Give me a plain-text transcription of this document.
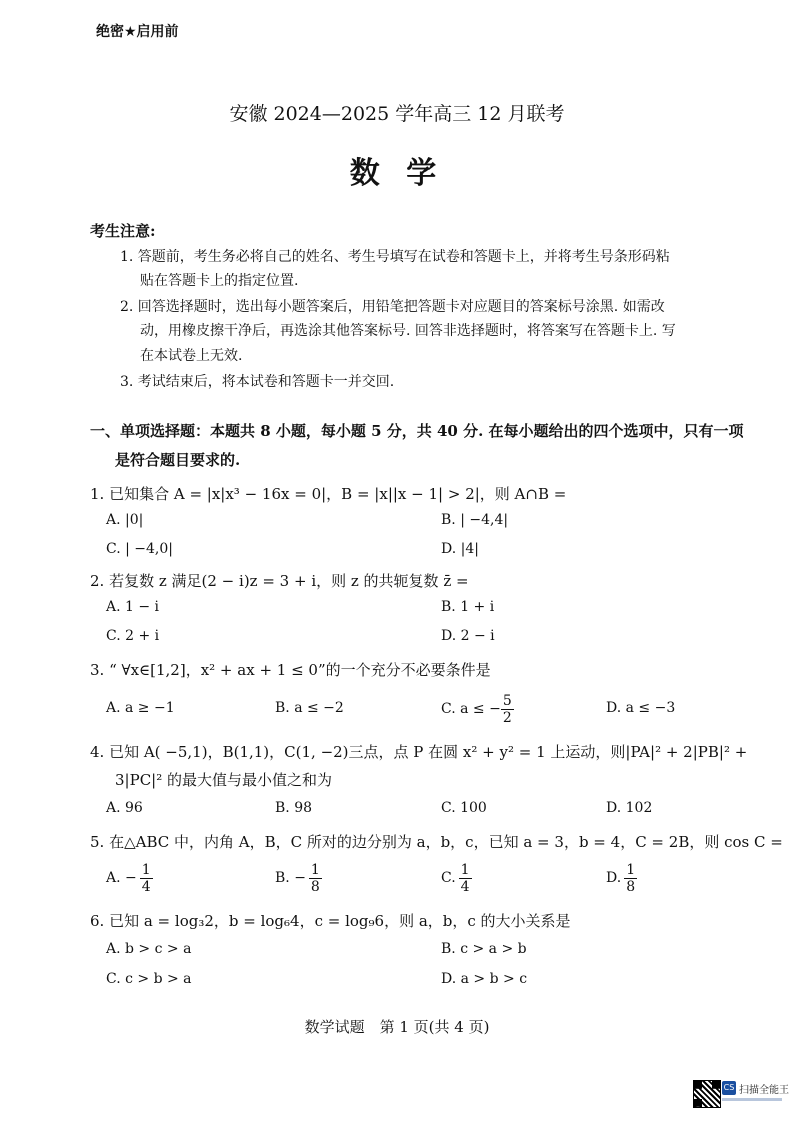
绝密★启用前
安徽 2024—2025 学年高三 12 月联考
数 学
考生注意:
1. 答题前，考生务必将自己的姓名、考生号填写在试卷和答题卡上，并将考生号条形码粘
贴在答题卡上的指定位置.
2. 回答选择题时，选出每小题答案后，用铅笔把答题卡对应题目的答案标号涂黑. 如需改
动，用橡皮擦干净后，再选涂其他答案标号. 回答非选择题时，将答案写在答题卡上. 写
在本试卷上无效.
3. 考试结束后，将本试卷和答题卡一并交回.
一、单项选择题：本题共 8 小题，每小题 5 分，共 40 分. 在每小题给出的四个选项中，只有一项
是符合题目要求的.
1. 已知集合 A = |x|x³ − 16x = 0|，B = |x||x − 1| > 2|，则 A∩B =
A. |0|	B. | −4,4|
C. | −4,0|	D. |4|
2. 若复数 z 满足(2 − i)z = 3 + i，则 z 的共轭复数 z̄ =
A. 1 − i	B. 1 + i
C. 2 + i	D. 2 − i
3. “ ∀x∈[1,2]，x² + ax + 1 ≤ 0”的一个充分不必要条件是
A. a ≥ −1	B. a ≤ −2	C. a ≤ − $\frac{5}{2}$	D. a ≤ −3
4. 已知 A( −5,1)，B(1,1)，C(1, −2)三点，点 P 在圆 x² + y² = 1 上运动，则|PA|² + 2|PB|² +
3|PC|² 的最大值与最小值之和为
A. 96	B. 98	C. 100	D. 102
5. 在△ABC 中，内角 A，B，C 所对的边分别为 a，b，c，已知 a = 3，b = 4，C = 2B，则 cos C =
A. − $\frac{1}{4}$	B. − $\frac{1}{8}$	C. $\frac{1}{4}$	D. $\frac{1}{8}$
6. 已知 a = log₃2，b = log₆4，c = log₉6，则 a，b，c 的大小关系是
A. b > c > a	B. c > a > b
C. c > b > a	D. a > b > c
数学试题　第 1 页(共 4 页)
CS 扫描全能王
